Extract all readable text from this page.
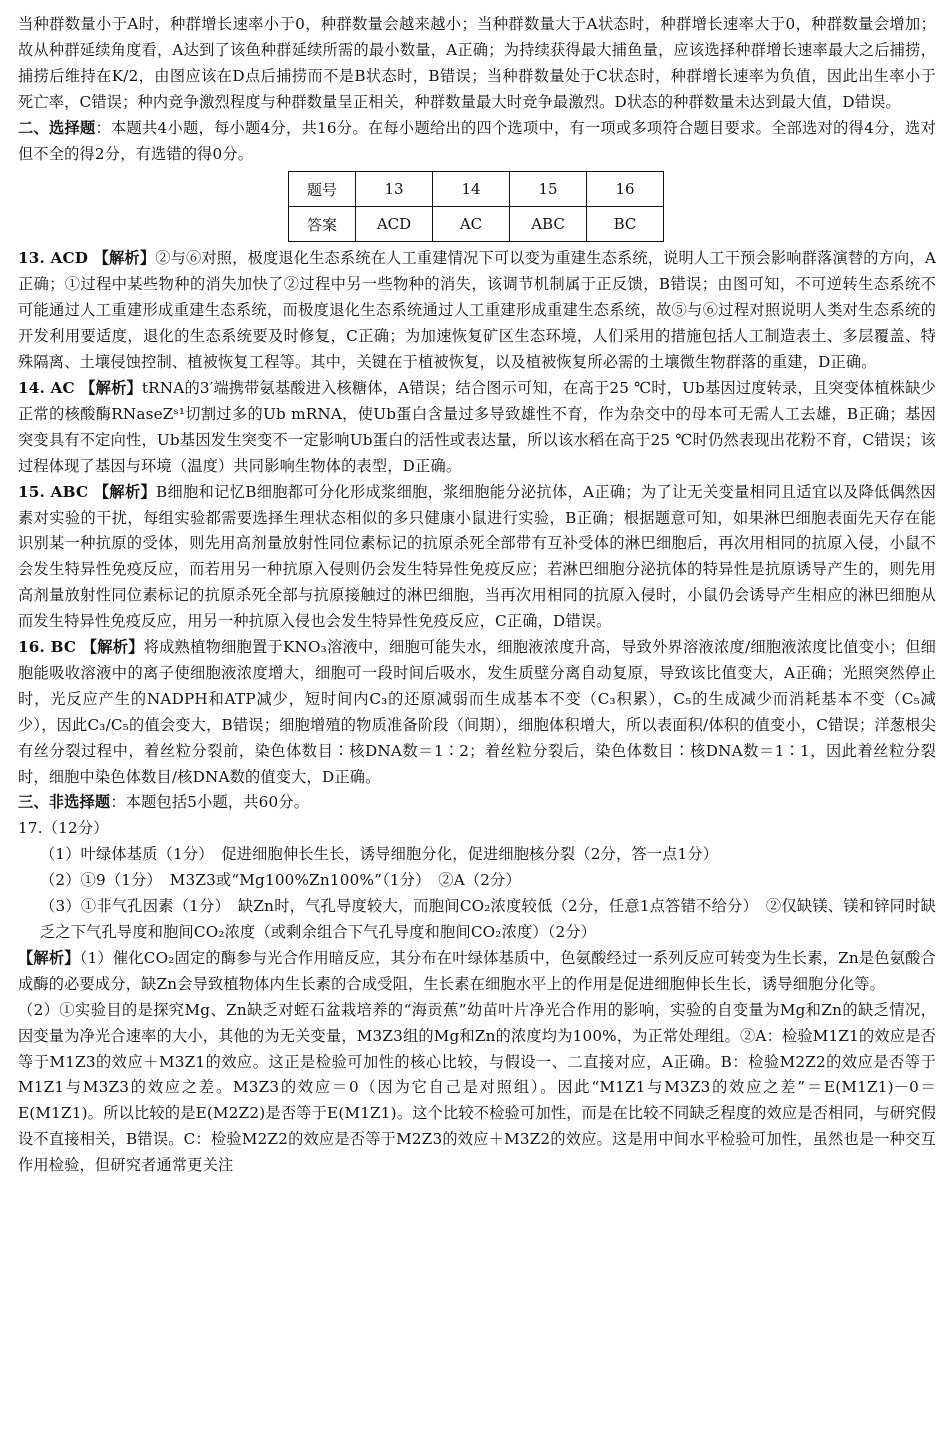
当种群数量小于A时，种群增长速率小于0，种群数量会越来越小；当种群数量大于A状态时，种群增长速率大于0，种群数量会增加；故从种群延续角度看，A达到了该鱼种群延续所需的最小数量，A正确；为持续获得最大捕鱼量，应该选择种群增长速率最大之后捕捞，捕捞后维持在K/2，由图应该在D点后捕捞而不是B状态时，B错误；当种群数量处于C状态时，种群增长速率为负值，因此出生率小于死亡率，C错误；种内竞争激烈程度与种群数量呈正相关，种群数量最大时竞争最激烈。D状态的种群数量未达到最大值，D错误。

二、选择题：本题共4小题，每小题4分，共16分。在每小题给出的四个选项中，有一项或多项符合题目要求。全部选对的得4分，选对但不全的得2分，有选错的得0分。

题号	13	14	15	16
答案	ACD	AC	ABC	BC

13. ACD 【解析】②与⑥对照，极度退化生态系统在人工重建情况下可以变为重建生态系统，说明人工干预会影响群落演替的方向，A正确；①过程中某些物种的消失加快了②过程中另一些物种的消失，该调节机制属于正反馈，B错误；由图可知，不可逆转生态系统不可能通过人工重建形成重建生态系统，而极度退化生态系统通过人工重建形成重建生态系统，故⑤与⑥过程对照说明人类对生态系统的开发利用要适度，退化的生态系统要及时修复，C正确；为加速恢复矿区生态环境，人们采用的措施包括人工制造表土、多层覆盖、特殊隔离、土壤侵蚀控制、植被恢复工程等。其中，关键在于植被恢复，以及植被恢复所必需的土壤微生物群落的重建，D正确。

14. AC 【解析】tRNA的3′端携带氨基酸进入核糖体，A错误；结合图示可知，在高于25 ℃时，Ub基因过度转录，且突变体植株缺少正常的核酸酶RNaseZˢ¹切割过多的Ub mRNA，使Ub蛋白含量过多导致雄性不育，作为杂交中的母本可无需人工去雄，B正确；基因突变具有不定向性，Ub基因发生突变不一定影响Ub蛋白的活性或表达量，所以该水稻在高于25 ℃时仍然表现出花粉不育，C错误；该过程体现了基因与环境（温度）共同影响生物体的表型，D正确。

15. ABC 【解析】B细胞和记忆B细胞都可分化形成浆细胞，浆细胞能分泌抗体，A正确；为了让无关变量相同且适宜以及降低偶然因素对实验的干扰，每组实验都需要选择生理状态相似的多只健康小鼠进行实验，B正确；根据题意可知，如果淋巴细胞表面先天存在能识别某一种抗原的受体，则先用高剂量放射性同位素标记的抗原杀死全部带有互补受体的淋巴细胞后，再次用相同的抗原入侵，小鼠不会发生特异性免疫反应，而若用另一种抗原入侵则仍会发生特异性免疫反应；若淋巴细胞分泌抗体的特异性是抗原诱导产生的，则先用高剂量放射性同位素标记的抗原杀死全部与抗原接触过的淋巴细胞，当再次用相同的抗原入侵时，小鼠仍会诱导产生相应的淋巴细胞从而发生特异性免疫反应，用另一种抗原入侵也会发生特异性免疫反应，C正确，D错误。

16. BC 【解析】将成熟植物细胞置于KNO₃溶液中，细胞可能失水，细胞液浓度升高，导致外界溶液浓度/细胞液浓度比值变小；但细胞能吸收溶液中的离子使细胞液浓度增大，细胞可一段时间后吸水，发生质壁分离自动复原，导致该比值变大，A正确；光照突然停止时，光反应产生的NADPH和ATP减少，短时间内C₃的还原减弱而生成基本不变（C₃积累），C₅的生成减少而消耗基本不变（C₅减少），因此C₃/C₅的值会变大，B错误；细胞增殖的物质准备阶段（间期），细胞体积增大，所以表面积/体积的值变小，C错误；洋葱根尖有丝分裂过程中，着丝粒分裂前，染色体数目∶核DNA数＝1∶2；着丝粒分裂后，染色体数目∶核DNA数＝1∶1，因此着丝粒分裂时，细胞中染色体数目/核DNA数的值变大，D正确。

三、非选择题：本题包括5小题，共60分。

17.（12分）

（1）叶绿体基质（1分）　促进细胞伸长生长，诱导细胞分化，促进细胞核分裂（2分，答一点1分）

（2）①9（1分）　M3Z3或“Mg100%Zn100%”（1分）　②A（2分）

（3）①非气孔因素（1分）　缺Zn时，气孔导度较大，而胞间CO₂浓度较低（2分，任意1点答错不给分）　②仅缺镁、镁和锌同时缺乏之下气孔导度和胞间CO₂浓度（或剩余组合下气孔导度和胞间CO₂浓度）（2分）

【解析】（1）催化CO₂固定的酶参与光合作用暗反应，其分布在叶绿体基质中，色氨酸经过一系列反应可转变为生长素，Zn是色氨酸合成酶的必要成分，缺Zn会导致植物体内生长素的合成受阻，生长素在细胞水平上的作用是促进细胞伸长生长，诱导细胞分化等。

（2）①实验目的是探究Mg、Zn缺乏对蛭石盆栽培养的“海贡蕉”幼苗叶片净光合作用的影响，实验的自变量为Mg和Zn的缺乏情况，因变量为净光合速率的大小，其他的为无关变量，M3Z3组的Mg和Zn的浓度均为100%，为正常处理组。②A：检验M1Z1的效应是否等于M1Z3的效应＋M3Z1的效应。这正是检验可加性的核心比较，与假设一、二直接对应，A正确。B：检验M2Z2的效应是否等于M1Z1与M3Z3的效应之差。M3Z3的效应＝0（因为它自己是对照组）。因此“M1Z1与M3Z3的效应之差”＝E(M1Z1)－0＝E(M1Z1)。所以比较的是E(M2Z2)是否等于E(M1Z1)。这个比较不检验可加性，而是在比较不同缺乏程度的效应是否相同，与研究假设不直接相关，B错误。C：检验M2Z2的效应是否等于M2Z3的效应＋M3Z2的效应。这是用中间水平检验可加性，虽然也是一种交互作用检验，但研究者通常更关注
